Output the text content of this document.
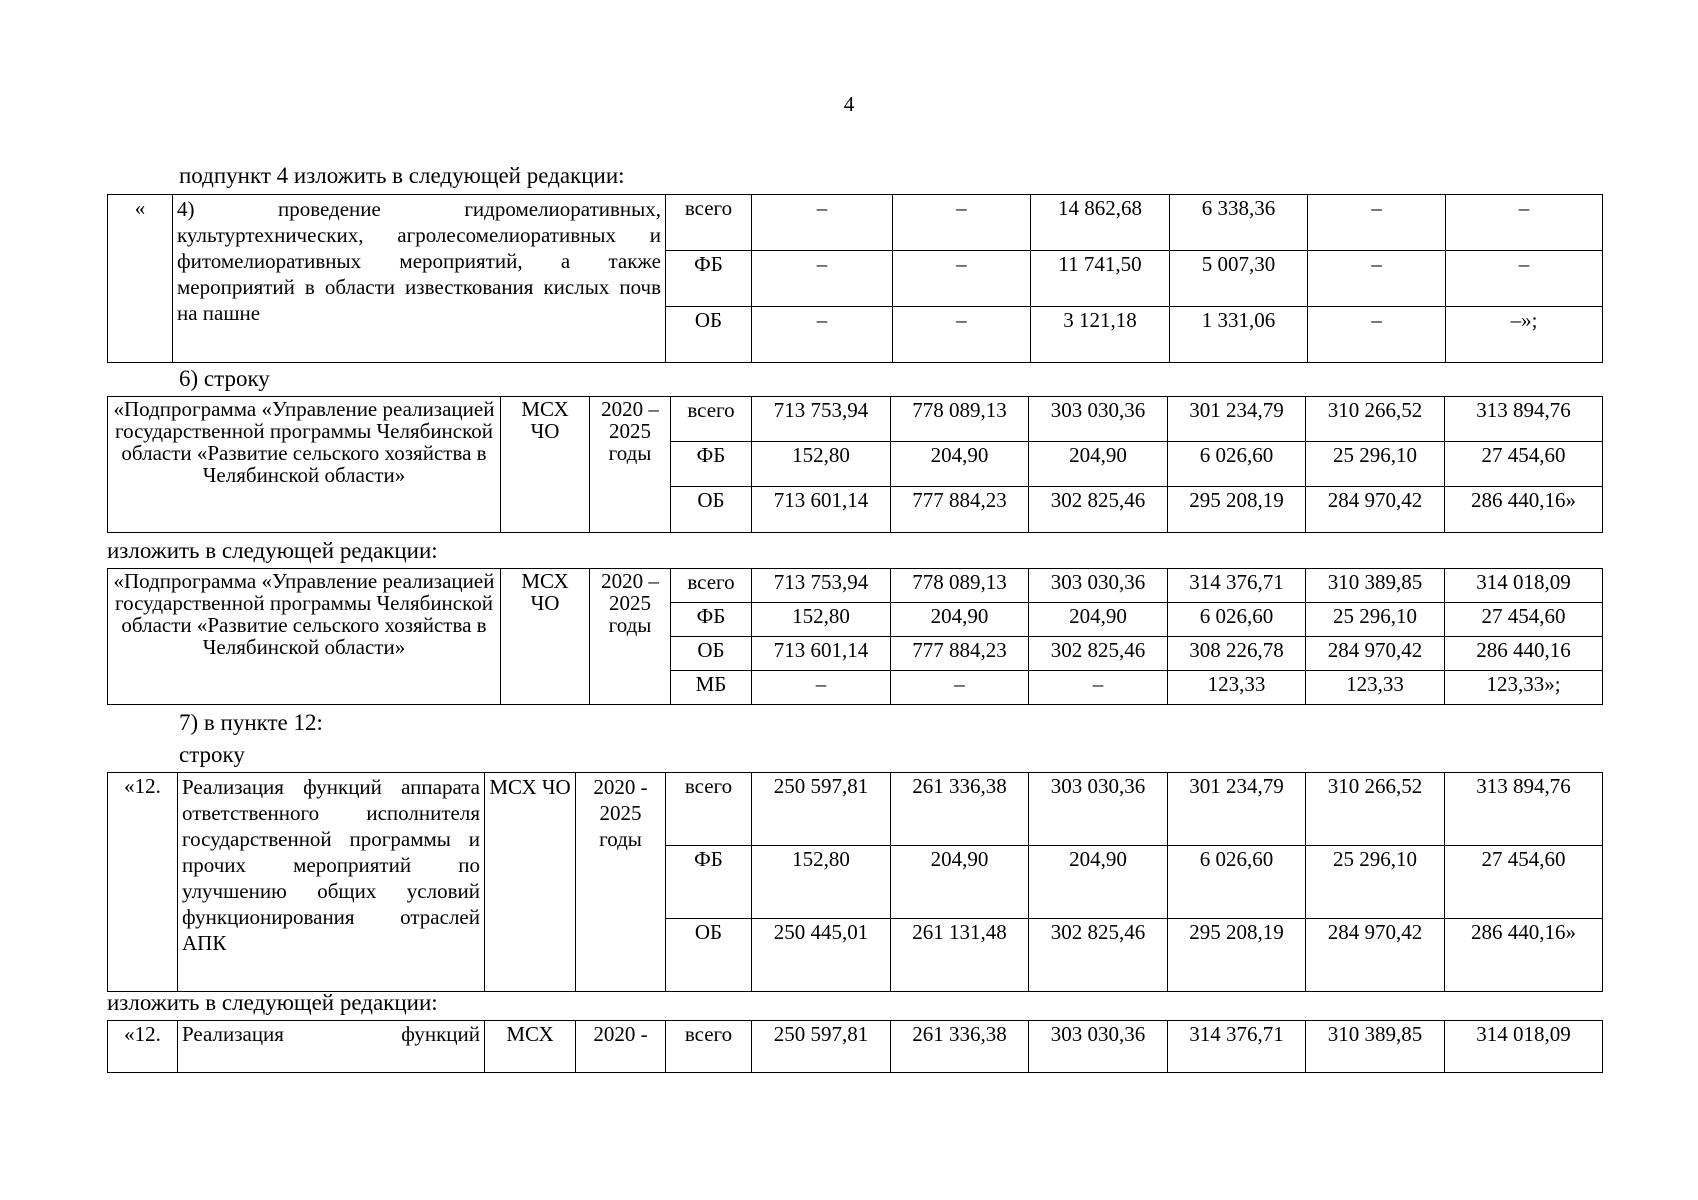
4
подпункт 4 изложить в следующей редакции:
«	4) проведение гидромелиоративных, культуртехнических, агролесомелиоративных и фитомелиоративных мероприятий, а также мероприятий в области известкования кислых почв на пашне	всего	–	–	14 862,68	6 338,36	–	–
		ФБ	–	–	11 741,50	5 007,30	–	–
		ОБ	–	–	3 121,18	1 331,06	–	–»;
6) строку
«Подпрограмма «Управление реализацией государственной программы Челябинской области «Развитие сельского хозяйства в Челябинской области»	МСХ ЧО	2020 – 2025 годы	всего	713 753,94	778 089,13	303 030,36	301 234,79	310 266,52	313 894,76
			ФБ	152,80	204,90	204,90	6 026,60	25 296,10	27 454,60
			ОБ	713 601,14	777 884,23	302 825,46	295 208,19	284 970,42	286 440,16»
изложить в следующей редакции:
«Подпрограмма «Управление реализацией государственной программы Челябинской области «Развитие сельского хозяйства в Челябинской области»	МСХ ЧО	2020 – 2025 годы	всего	713 753,94	778 089,13	303 030,36	314 376,71	310 389,85	314 018,09
			ФБ	152,80	204,90	204,90	6 026,60	25 296,10	27 454,60
			ОБ	713 601,14	777 884,23	302 825,46	308 226,78	284 970,42	286 440,16
			МБ	–	–	–	123,33	123,33	123,33»;
7) в пункте 12:
строку
«12.	Реализация функций аппарата ответственного исполнителя государственной программы и прочих мероприятий по улучшению общих условий функционирования отраслей АПК	МСХ ЧО	2020 - 2025 годы	всего	250 597,81	261 336,38	303 030,36	301 234,79	310 266,52	313 894,76
				ФБ	152,80	204,90	204,90	6 026,60	25 296,10	27 454,60
				ОБ	250 445,01	261 131,48	302 825,46	295 208,19	284 970,42	286 440,16»
изложить в следующей редакции:
«12.	Реализация функций	МСХ	2020 -	всего	250 597,81	261 336,38	303 030,36	314 376,71	310 389,85	314 018,09
